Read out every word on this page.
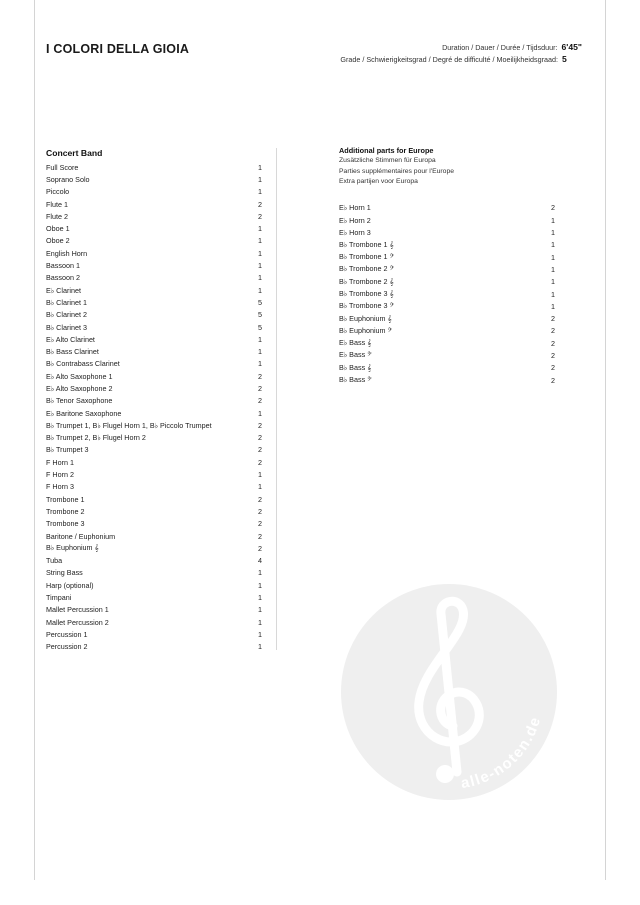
I COLORI DELLA GIOIA	Duration / Dauer / Durée / Tijdsduur: 6'45"
Grade / Schwierigkeitsgrad / Degré de difficulté / Moeilijkheidsgraad: 5
Concert Band
Full Score	1
Soprano Solo	1
Piccolo	1
Flute 1	2
Flute 2	2
Oboe 1	1
Oboe 2	1
English Horn	1
Bassoon 1	1
Bassoon 2	1
E♭ Clarinet	1
B♭ Clarinet 1	5
B♭ Clarinet 2	5
B♭ Clarinet 3	5
E♭ Alto Clarinet	1
B♭ Bass Clarinet	1
B♭ Contrabass Clarinet	1
E♭ Alto Saxophone 1	2
E♭ Alto Saxophone 2	2
B♭ Tenor Saxophone	2
E♭ Baritone Saxophone	1
B♭ Trumpet 1, B♭ Flugel Horn 1, B♭ Piccolo Trumpet	2
B♭ Trumpet 2, B♭ Flugel Horn 2	2
B♭ Trumpet 3	2
F Horn 1	2
F Horn 2	1
F Horn 3	1
Trombone 1	2
Trombone 2	2
Trombone 3	2
Baritone / Euphonium	2
B♭ Euphonium 𝄞	2
Tuba	4
String Bass	1
Harp (optional)	1
Timpani	1
Mallet Percussion 1	1
Mallet Percussion 2	1
Percussion 1	1
Percussion 2	1
Additional parts for Europe
Zusätzliche Stimmen für Europa
Parties supplémentaires pour l'Europe
Extra partijen voor Europa
E♭ Horn 1	2
E♭ Horn 2	1
E♭ Horn 3	1
B♭ Trombone 1 𝄞	1
B♭ Trombone 1 𝄢	1
B♭ Trombone 2 𝄢	1
B♭ Trombone 2 𝄞	1
B♭ Trombone 3 𝄞	1
B♭ Trombone 3 𝄢	1
B♭ Euphonium 𝄞	2
B♭ Euphonium 𝄢	2
E♭ Bass 𝄞	2
E♭ Bass 𝄢	2
B♭ Bass 𝄞	2
B♭ Bass 𝄢	2
alle-noten.de
